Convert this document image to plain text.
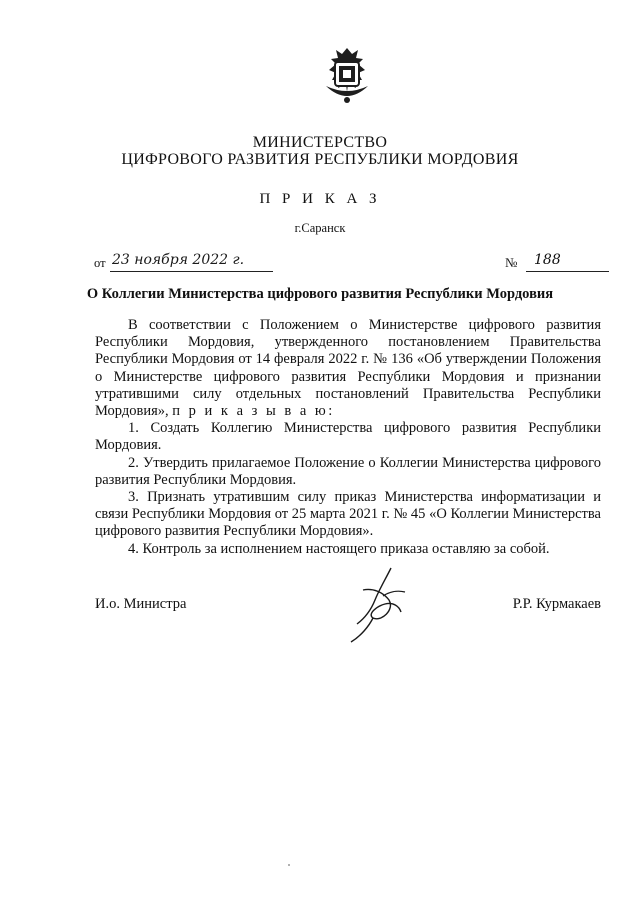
МИНИСТЕРСТВО
ЦИФРОВОГО РАЗВИТИЯ РЕСПУБЛИКИ МОРДОВИЯ
П Р И К А З
г.Саранск
от 23 ноября 2022 г.	№ 188
О Коллегии Министерства цифрового развития Республики Мордовия

В соответствии с Положением о Министерстве цифрового развития Республики Мордовия, утвержденного постановлением Правительства Республики Мордовия от 14 февраля 2022 г. № 136 «Об утверждении Положения о Министерстве цифрового развития Республики Мордовия и признании утратившими силу отдельных постановлений Правительства Республики Мордовия», п р и к а з ы в а ю:

1. Создать Коллегию Министерства цифрового развития Республики Мордовия.

2. Утвердить прилагаемое Положение о Коллегии Министерства цифрового развития Республики Мордовия.

3. Признать утратившим силу приказ Министерства информатизации и связи Республики Мордовия от 25 марта 2021 г. № 45 «О Коллегии Министерства цифрового развития Республики Мордовия».

4. Контроль за исполнением настоящего приказа оставляю за собой.

И.о. Министра	Р.Р. Курмакаев
